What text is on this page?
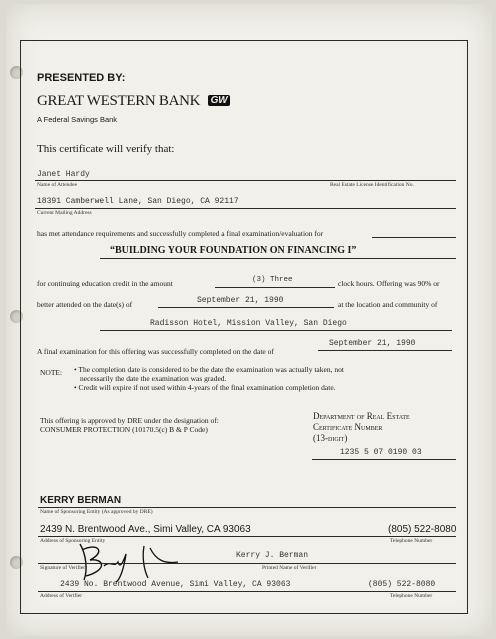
PRESENTED BY:
GREAT WESTERN BANK GW
A Federal Savings Bank
This certificate will verify that:
Janet Hardy
Name of Attendee	Real Estate License Identification No.
18391 Camberwell Lane, San Diego, CA 92117
Current Mailing Address
has met attendance requirements and successfully completed a final examination/evaluation for
“BUILDING YOUR FOUNDATION ON FINANCING I”
for continuing education credit in the amount	(3) Three	clock hours. Offering was 90% or
better attended on the date(s) of	September 21, 1990	at the location and community of
Radisson Hotel, Mission Valley, San Diego
A final examination for this offering was successfully completed on the date of
September 21, 1990
NOTE: • The completion date is considered to be the date the examination was actually taken, not
necessarily the date the examination was graded.
• Credit will expire if not used within 4-years of the final examination completion date.
This offering is approved by DRE under the designation of:
CONSUMER PROTECTION (10170.5(c) B & P Code)
Department of Real Estate
Certificate Number
(13-digit)
1235 5 07 0190 03
KERRY BERMAN
Name of Sponsoring Entity (As approved by DRE)
2439 N. Brentwood Ave., Simi Valley, CA 93063	(805) 522-8080
Address of Sponsoring Entity	Telephone Number
Kerry J. Berman
Signature of Verifier	Printed Name of Verifier
2439 No. Brentwood Avenue, Simi Valley, CA 93063	(805) 522-8080
Address of Verifier	Telephone Number
